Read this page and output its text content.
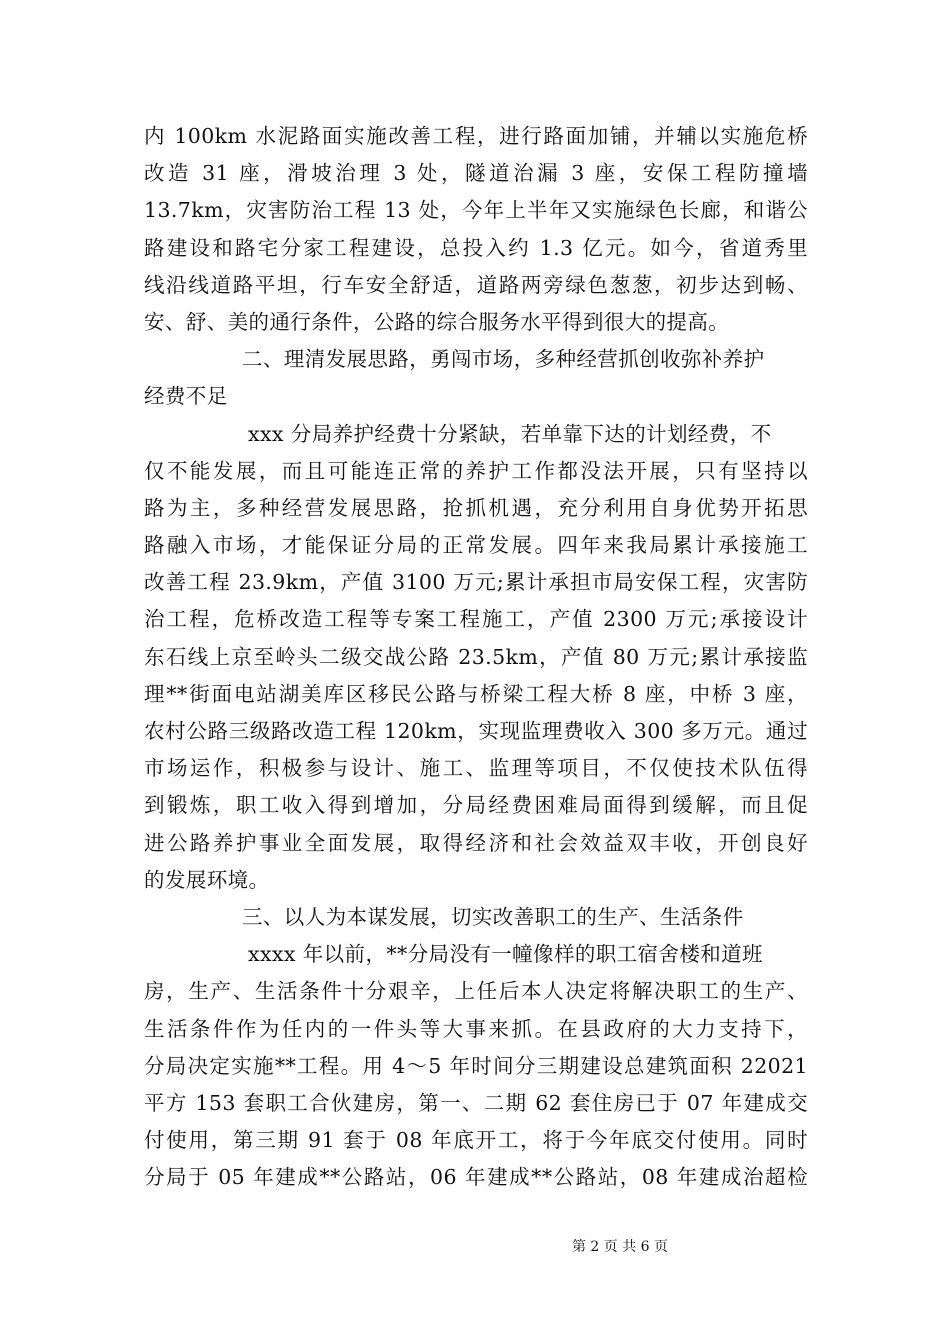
内 100km 水泥路面实施改善工程，进行路面加铺，并辅以实施危桥
改造 31 座，滑坡治理 3 处，隧道治漏 3 座，安保工程防撞墙
13.7km，灾害防治工程 13 处，今年上半年又实施绿色长廊，和谐公
路建设和路宅分家工程建设，总投入约 1.3 亿元。如今，省道秀里
线沿线道路平坦，行车安全舒适，道路两旁绿色葱葱，初步达到畅、
安、舒、美的通行条件，公路的综合服务水平得到很大的提高。
二、理清发展思路，勇闯市场，多种经营抓创收弥补养护
经费不足
xxx 分局养护经费十分紧缺，若单靠下达的计划经费，不
仅不能发展，而且可能连正常的养护工作都没法开展，只有坚持以
路为主，多种经营发展思路，抢抓机遇，充分利用自身优势开拓思
路融入市场，才能保证分局的正常发展。四年来我局累计承接施工
改善工程 23.9km，产值 3100 万元;累计承担市局安保工程，灾害防
治工程，危桥改造工程等专案工程施工，产值 2300 万元;承接设计
东石线上京至岭头二级交战公路 23.5km，产值 80 万元;累计承接监
理**街面电站湖美库区移民公路与桥梁工程大桥 8 座，中桥 3 座，
农村公路三级路改造工程 120km，实现监理费收入 300 多万元。通过
市场运作，积极参与设计、施工、监理等项目，不仅使技术队伍得
到锻炼，职工收入得到增加，分局经费困难局面得到缓解，而且促
进公路养护事业全面发展，取得经济和社会效益双丰收，开创良好
的发展环境。
三、以人为本谋发展，切实改善职工的生产、生活条件
xxxx 年以前，**分局没有一幢像样的职工宿舍楼和道班
房，生产、生活条件十分艰辛，上任后本人决定将解决职工的生产、
生活条件作为任内的一件头等大事来抓。在县政府的大力支持下，
分局决定实施**工程。用 4～5 年时间分三期建设总建筑面积 22021
平方 153 套职工合伙建房，第一、二期 62 套住房已于 07 年建成交
付使用，第三期 91 套于 08 年底开工，将于今年底交付使用。同时
分局于 05 年建成**公路站，06 年建成**公路站，08 年建成治超检
第 2 页 共 6 页
